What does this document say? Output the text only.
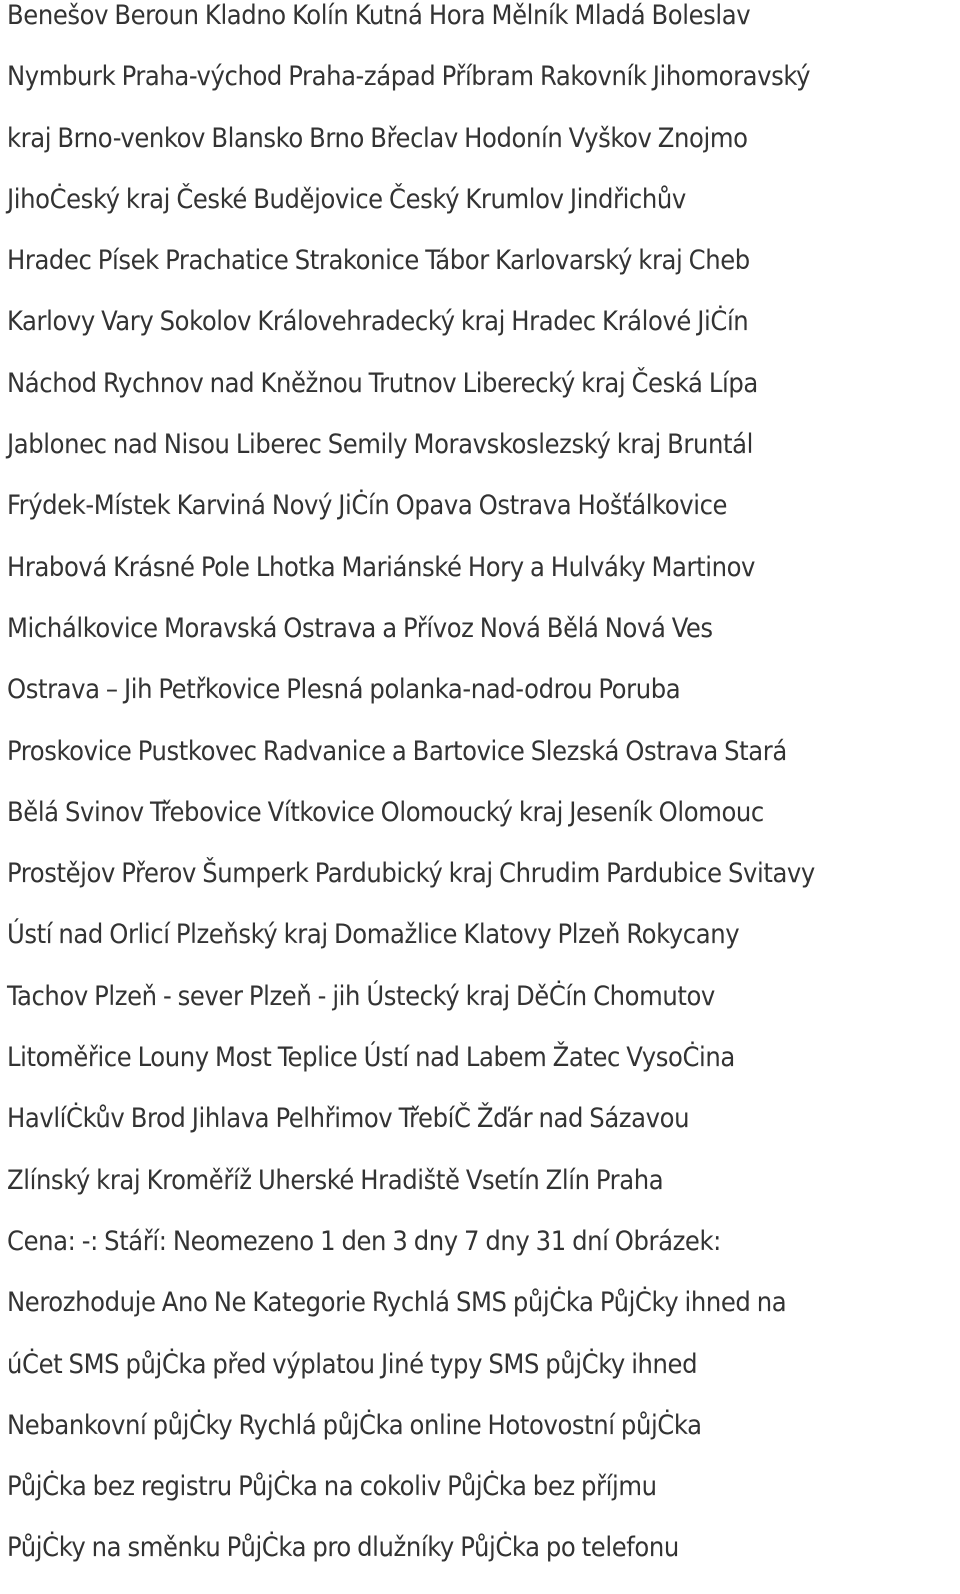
Benešov Beroun Kladno Kolín Kutná Hora Mělník Mladá Boleslav
Nymburk Praha-východ Praha-západ Příbram Rakovník Jihomoravský
kraj Brno-venkov Blansko Brno Břeclav Hodonín Vyškov Znojmo
JihoĊeský kraj České Budějovice Český Krumlov Jindřichův
Hradec Písek Prachatice Strakonice Tábor Karlovarský kraj Cheb
Karlovy Vary Sokolov Královehradecký kraj Hradec Králové JiĊín
Náchod Rychnov nad Kněžnou Trutnov Liberecký kraj Česká Lípa
Jablonec nad Nisou Liberec Semily Moravskoslezský kraj Bruntál
Frýdek-Místek Karviná Nový JiĊín Opava Ostrava Hošťálkovice
Hrabová Krásné Pole Lhotka Mariánské Hory a Hulváky Martinov
Michálkovice Moravská Ostrava a Přívoz Nová Bělá Nová Ves
Ostrava – Jih Petřkovice Plesná polanka-nad-odrou Poruba
Proskovice Pustkovec Radvanice a Bartovice Slezská Ostrava Stará
Bělá Svinov Třebovice Vítkovice Olomoucký kraj Jeseník Olomouc
Prostějov Přerov Šumperk Pardubický kraj Chrudim Pardubice Svitavy
Ústí nad Orlicí Plzeňský kraj Domažlice Klatovy Plzeň Rokycany
Tachov Plzeň - sever Plzeň - jih Ústecký kraj DěĊín Chomutov
Litoměřice Louny Most Teplice Ústí nad Labem Žatec VysoĊina
HavlíĊkův Brod Jihlava Pelhřimov TřebíČ Žďár nad Sázavou
Zlínský kraj Kroměříž Uherské Hradiště Vsetín Zlín Praha
Cena: -: Stáří: Neomezeno 1 den 3 dny 7 dny 31 dní Obrázek:
Nerozhoduje Ano Ne Kategorie Rychlá SMS půjĊka PůjĊky ihned na
úĊet SMS půjĊka před výplatou Jiné typy SMS půjĊky ihned
Nebankovní půjĊky Rychlá půjĊka online Hotovostní půjĊka
PůjĊka bez registru PůjĊka na cokoliv PůjĊka bez příjmu
PůjĊky na směnku PůjĊka pro dlužníky PůjĊka po telefonu
